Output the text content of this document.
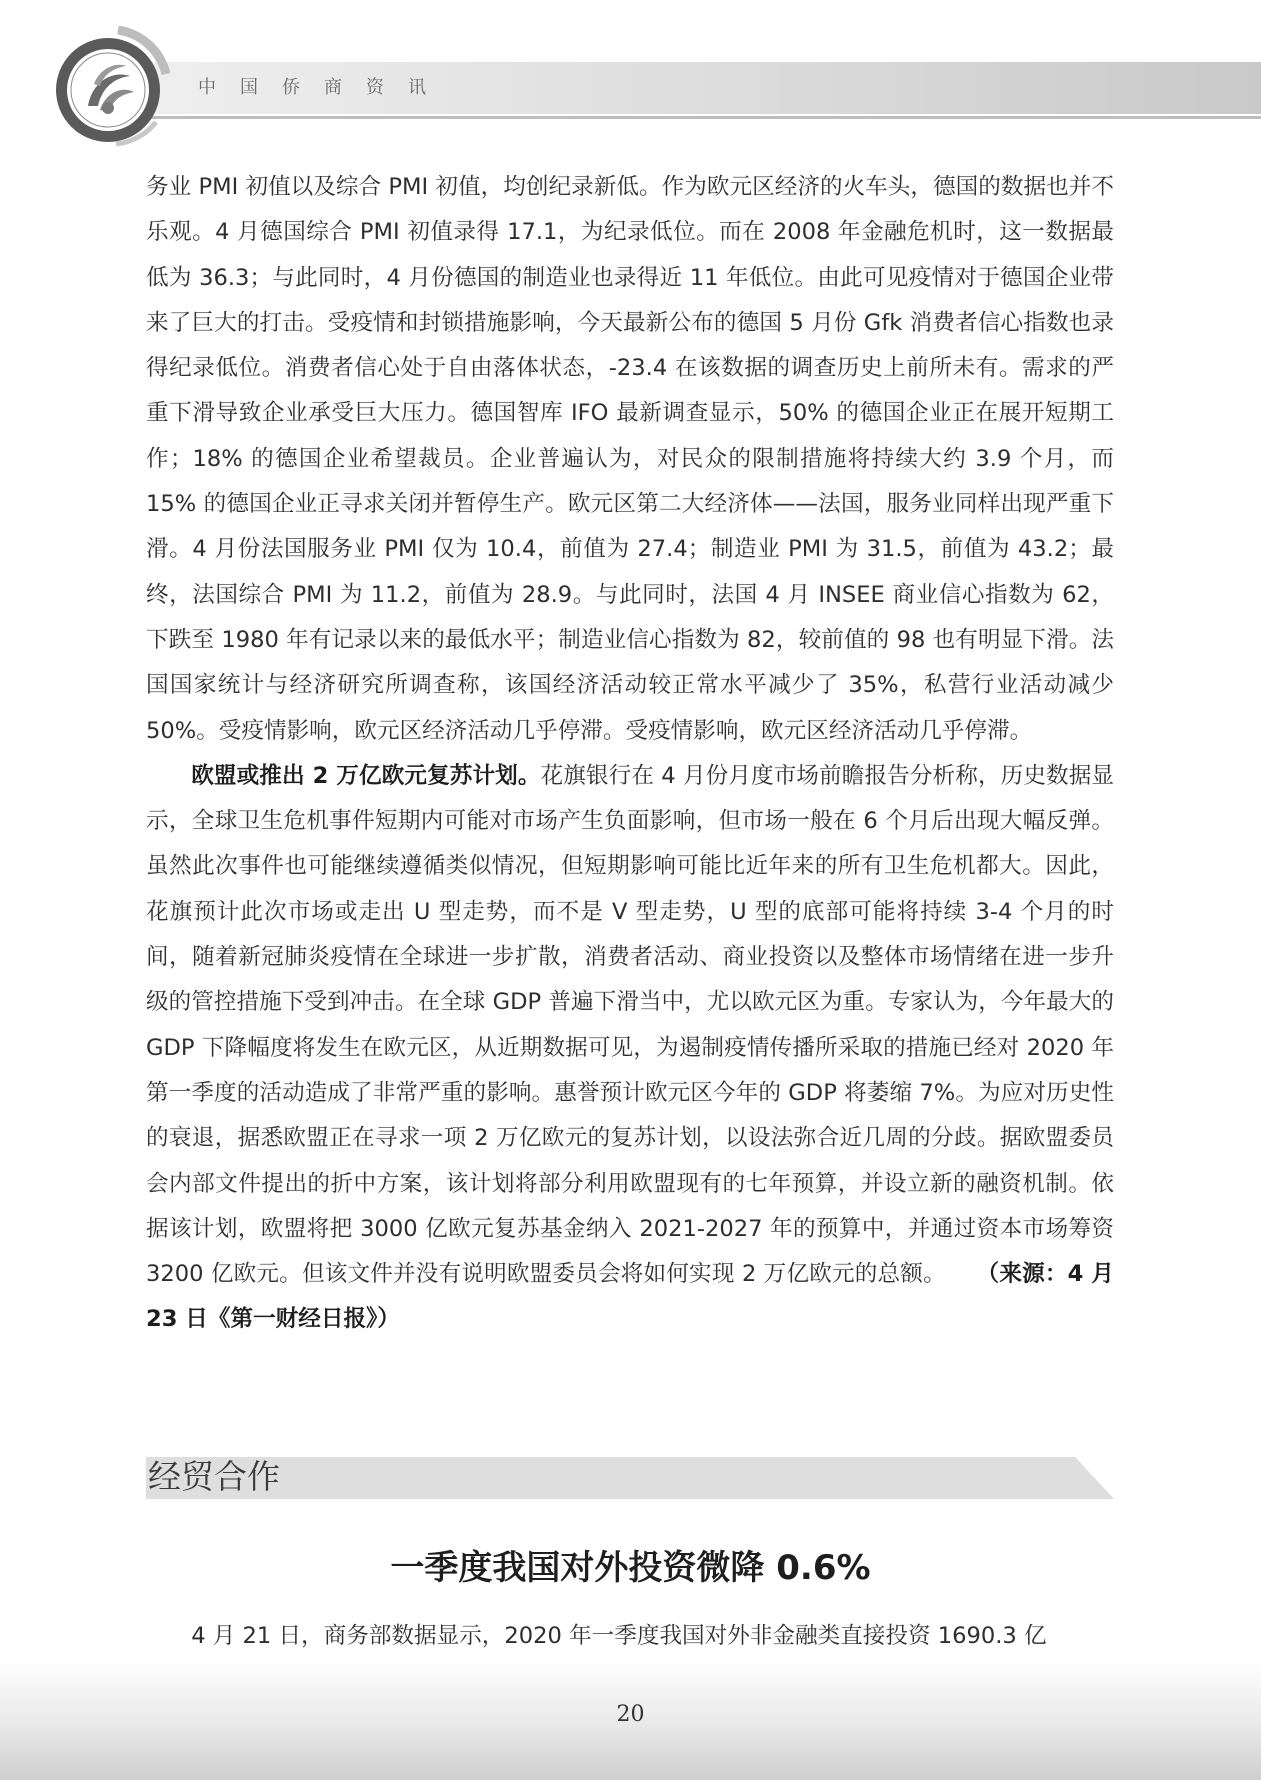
中国侨商资讯

务业 PMI 初值以及综合 PMI 初值，均创纪录新低。作为欧元区经济的火车头，德国的数据也并不乐观。4 月德国综合 PMI 初值录得 17.1，为纪录低位。而在 2008 年金融危机时，这一数据最低为 36.3；与此同时，4 月份德国的制造业也录得近 11 年低位。由此可见疫情对于德国企业带来了巨大的打击。受疫情和封锁措施影响，今天最新公布的德国 5 月份 Gfk 消费者信心指数也录得纪录低位。消费者信心处于自由落体状态，-23.4 在该数据的调查历史上前所未有。需求的严重下滑导致企业承受巨大压力。德国智库 IFO 最新调查显示，50% 的德国企业正在展开短期工作；18% 的德国企业希望裁员。企业普遍认为，对民众的限制措施将持续大约 3.9 个月，而 15% 的德国企业正寻求关闭并暂停生产。欧元区第二大经济体——法国，服务业同样出现严重下滑。4 月份法国服务业 PMI 仅为 10.4，前值为 27.4；制造业 PMI 为 31.5，前值为 43.2；最终，法国综合 PMI 为 11.2，前值为 28.9。与此同时，法国 4 月 INSEE 商业信心指数为 62，下跌至 1980 年有记录以来的最低水平；制造业信心指数为 82，较前值的 98 也有明显下滑。法国国家统计与经济研究所调查称，该国经济活动较正常水平减少了 35%，私营行业活动减少 50%。受疫情影响，欧元区经济活动几乎停滞。受疫情影响，欧元区经济活动几乎停滞。

欧盟或推出 2 万亿欧元复苏计划。花旗银行在 4 月份月度市场前瞻报告分析称，历史数据显示，全球卫生危机事件短期内可能对市场产生负面影响，但市场一般在 6 个月后出现大幅反弹。虽然此次事件也可能继续遵循类似情况，但短期影响可能比近年来的所有卫生危机都大。因此，花旗预计此次市场或走出 U 型走势，而不是 V 型走势，U 型的底部可能将持续 3-4 个月的时间，随着新冠肺炎疫情在全球进一步扩散，消费者活动、商业投资以及整体市场情绪在进一步升级的管控措施下受到冲击。在全球 GDP 普遍下滑当中，尤以欧元区为重。专家认为，今年最大的 GDP 下降幅度将发生在欧元区，从近期数据可见，为遏制疫情传播所采取的措施已经对 2020 年第一季度的活动造成了非常严重的影响。惠誉预计欧元区今年的 GDP 将萎缩 7%。为应对历史性的衰退，据悉欧盟正在寻求一项 2 万亿欧元的复苏计划，以设法弥合近几周的分歧。据欧盟委员会内部文件提出的折中方案，该计划将部分利用欧盟现有的七年预算，并设立新的融资机制。依据该计划，欧盟将把 3000 亿欧元复苏基金纳入 2021-2027 年的预算中，并通过资本市场筹资 3200 亿欧元。但该文件并没有说明欧盟委员会将如何实现 2 万亿欧元的总额。 （来源：4 月 23 日《第一财经日报》）

经贸合作
一季度我国对外投资微降 0.6%
4 月 21 日，商务部数据显示，2020 年一季度我国对外非金融类直接投资 1690.3 亿
20
